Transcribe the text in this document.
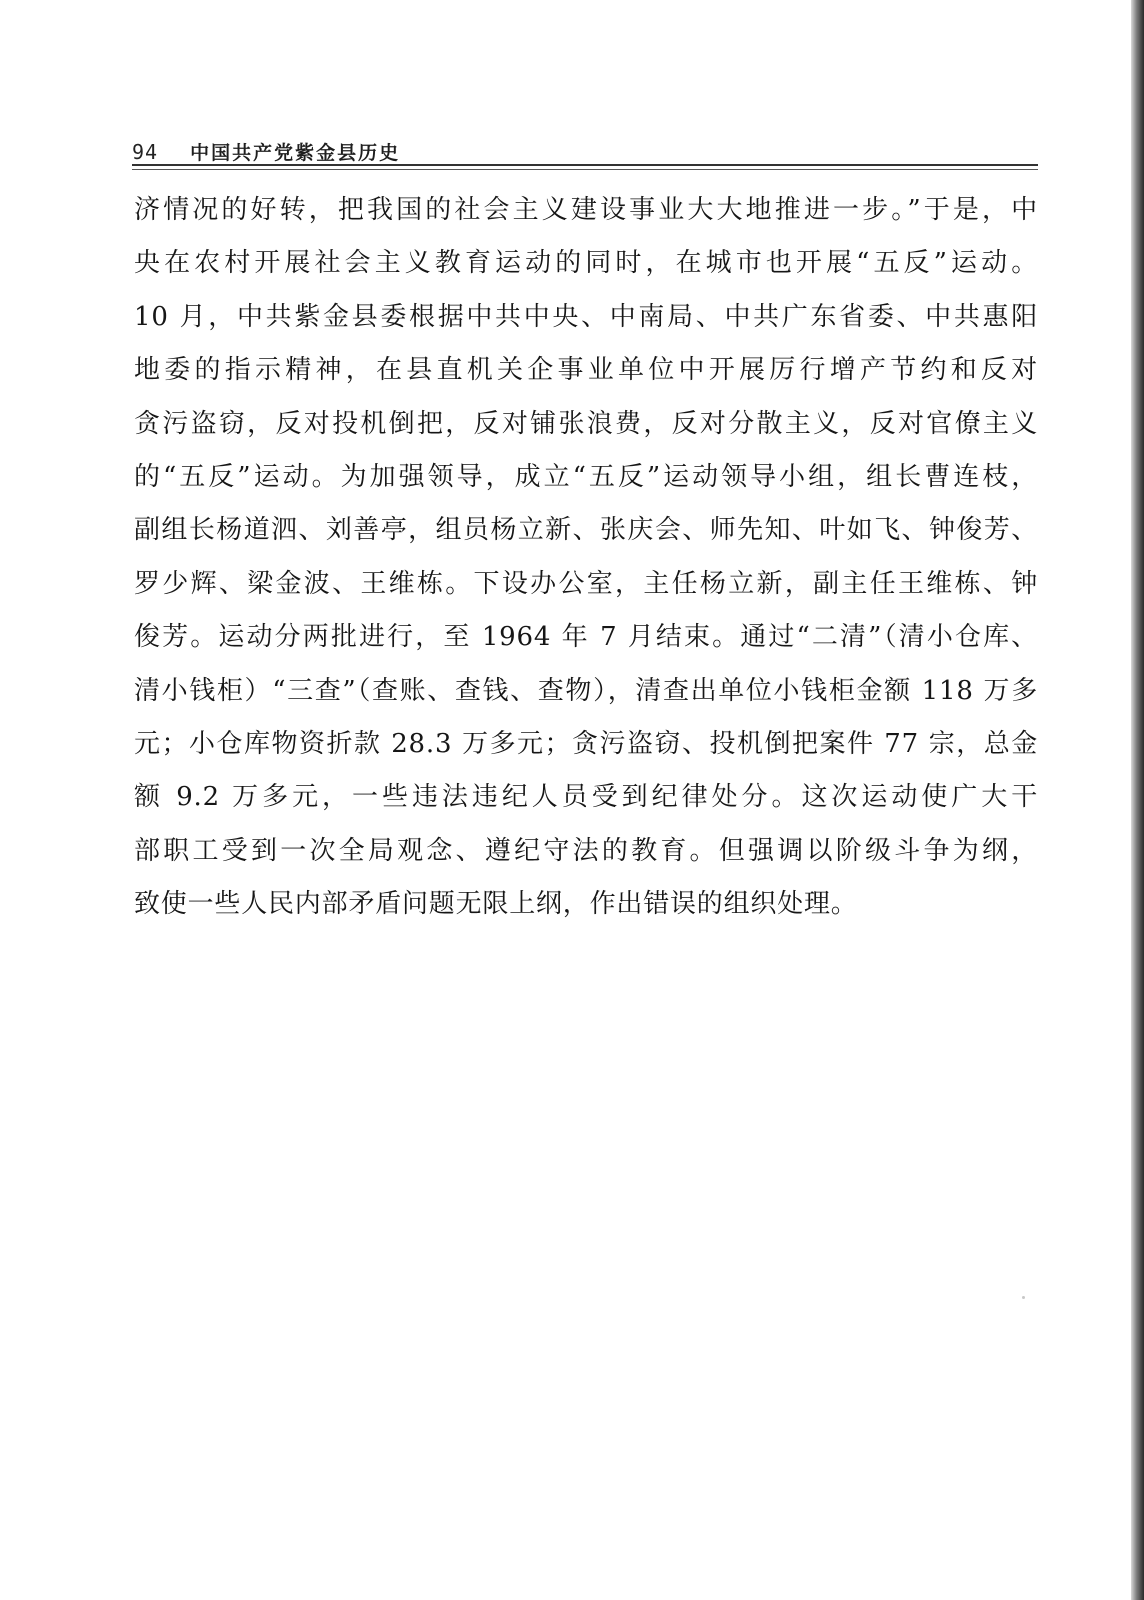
94 中国共产党紫金县历史
济情况的好转，把我国的社会主义建设事业大大地推进一步。”于是，中
央在农村开展社会主义教育运动的同时，在城市也开展“五反”运动。
10 月，中共紫金县委根据中共中央、中南局、中共广东省委、中共惠阳
地委的指示精神，在县直机关企事业单位中开展厉行增产节约和反对
贪污盗窃，反对投机倒把，反对铺张浪费，反对分散主义，反对官僚主义
的“五反”运动。为加强领导，成立“五反”运动领导小组，组长曹连枝，
副组长杨道泗、刘善亭，组员杨立新、张庆会、师先知、叶如飞、钟俊芳、
罗少辉、梁金波、王维栋。下设办公室，主任杨立新，副主任王维栋、钟
俊芳。运动分两批进行，至 1964 年 7 月结束。通过“二清”（清小仓库、
清小钱柜）“三查”（查账、查钱、查物），清查出单位小钱柜金额 118 万多
元；小仓库物资折款 28.3 万多元；贪污盗窃、投机倒把案件 77 宗，总金
额 9.2 万多元，一些违法违纪人员受到纪律处分。这次运动使广大干
部职工受到一次全局观念、遵纪守法的教育。但强调以阶级斗争为纲，
致使一些人民内部矛盾问题无限上纲，作出错误的组织处理。
